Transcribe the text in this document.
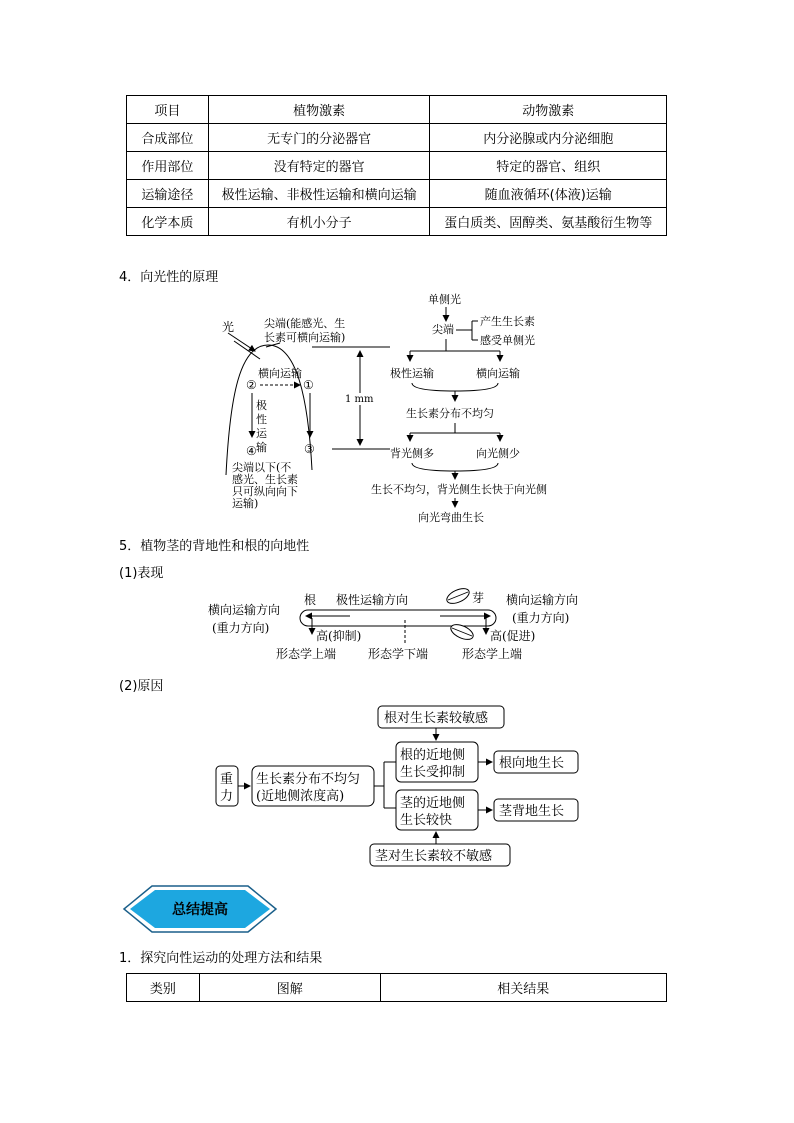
项目	植物激素	动物激素
合成部位	无专门的分泌器官	内分泌腺或内分泌细胞
作用部位	没有特定的器官	特定的器官、组织
运输途径	极性运输、非极性运输和横向运输	随血液循环(体液)运输
化学本质	有机小分子	蛋白质类、固醇类、氨基酸衍生物等
4．向光性的原理
光	尖端(能感光、生
长素可横向运输)
横向运输
②	①
极
性
运
输
④	③
尖端以下(不
感光、生长素
只可纵向向下
运输)
1 mm
单侧光
尖端
产生生长素
感受单侧光
极性运输	横向运输
生长素分布不均匀
背光侧多	向光侧少
生长不均匀，背光侧生长快于向光侧
向光弯曲生长
5．植物茎的背地性和根的向地性
(1)表现
横向运输方向
(重力方向)
根 极性运输方向	芽 横向运输方向
(重力方向)
高(抑制)	高(促进)
形态学上端	形态学下端	形态学上端
(2)原因
重
力
生长素分布不均匀
(近地侧浓度高)
根对生长素较敏感
根的近地侧
生长受抑制
根向地生长
茎的近地侧
生长较快
茎背地生长
茎对生长素较不敏感
总结提高
1．探究向性运动的处理方法和结果
类别	图解	相关结果
